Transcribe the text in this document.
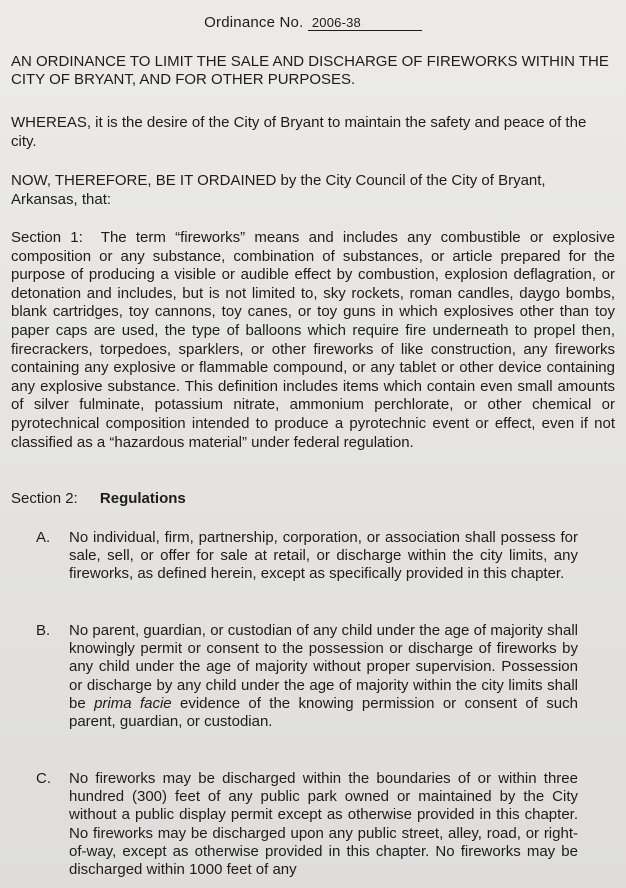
Ordinance No. 2006-38
AN ORDINANCE TO LIMIT THE SALE AND DISCHARGE OF FIREWORKS WITHIN THE CITY OF BRYANT, AND FOR OTHER PURPOSES.
WHEREAS, it is the desire of the City of Bryant to maintain the safety and peace of the city.
NOW, THEREFORE, BE IT ORDAINED by the City Council of the City of Bryant, Arkansas, that:
Section 1: The term “fireworks” means and includes any combustible or explosive composition or any substance, combination of substances, or article prepared for the purpose of producing a visible or audible effect by combustion, explosion deflagration, or detonation and includes, but is not limited to, sky rockets, roman candles, daygo bombs, blank cartridges, toy cannons, toy canes, or toy guns in which explosives other than toy paper caps are used, the type of balloons which require fire underneath to propel then, firecrackers, torpedoes, sparklers, or other fireworks of like construction, any fireworks containing any explosive or flammable compound, or any tablet or other device containing any explosive substance. This definition includes items which contain even small amounts of silver fulminate, potassium nitrate, ammonium perchlorate, or other chemical or pyrotechnical composition intended to produce a pyrotechnic event or effect, even if not classified as a “hazardous material” under federal regulation.
Section 2: Regulations
A. No individual, firm, partnership, corporation, or association shall possess for sale, sell, or offer for sale at retail, or discharge within the city limits, any fireworks, as defined herein, except as specifically provided in this chapter.
B. No parent, guardian, or custodian of any child under the age of majority shall knowingly permit or consent to the possession or discharge of fireworks by any child under the age of majority without proper supervision. Possession or discharge by any child under the age of majority within the city limits shall be prima facie evidence of the knowing permission or consent of such parent, guardian, or custodian.
C. No fireworks may be discharged within the boundaries of or within three hundred (300) feet of any public park owned or maintained by the City without a public display permit except as otherwise provided in this chapter. No fireworks may be discharged upon any public street, alley, road, or right-of-way, except as otherwise provided in this chapter. No fireworks may be discharged within 1000 feet of any
